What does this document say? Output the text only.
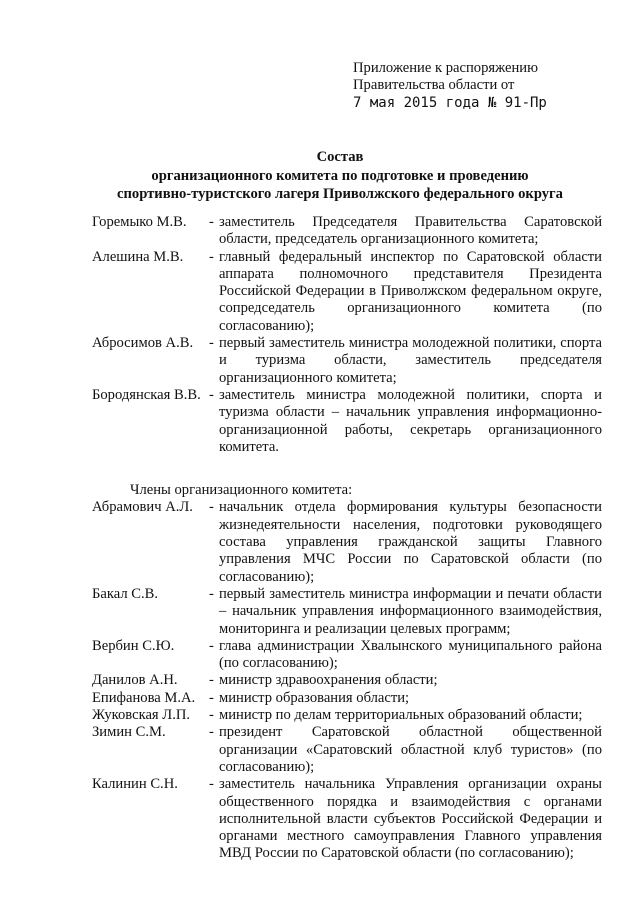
Приложение к распоряжению
Правительства области от
7 мая 2015 года № 91-Пр
Состав
организационного комитета по подготовке и проведению
спортивно-туристского лагеря Приволжского федерального округа
Горемыко М.В.	- заместитель Председателя Правительства Саратовской области, председатель организационного комитета;
Алешина М.В.	- главный федеральный инспектор по Саратовской области аппарата полномочного представителя Президента Российской Федерации в Приволжском федеральном округе, сопредседатель организационного комитета (по согласованию);
Абросимов А.В.	- первый заместитель министра молодежной политики, спорта и туризма области, заместитель председателя организационного комитета;
Бородянская В.В. - заместитель министра молодежной политики, спорта и туризма области – начальник управления информационно-организационной работы, секретарь организационного комитета.
Члены организационного комитета:
Абрамович А.Л.	- начальник отдела формирования культуры безопасности жизнедеятельности населения, подготовки руководящего состава управления гражданской защиты Главного управления МЧС России по Саратовской области (по согласованию);
Бакал С.В.	- первый заместитель министра информации и печати области – начальник управления информационного взаимодействия, мониторинга и реализации целевых программ;
Вербин С.Ю.	- глава администрации Хвалынского муниципального района (по согласованию);
Данилов А.Н.	- министр здравоохранения области;
Епифанова М.А. - министр образования области;
Жуковская Л.П.	- министр по делам территориальных образований области;
Зимин С.М.	- президент Саратовской областной общественной организации «Саратовский областной клуб туристов» (по согласованию);
Калинин С.Н.	- заместитель начальника Управления организации охраны общественного порядка и взаимодействия с органами исполнительной власти субъектов Российской Федерации и органами местного самоуправления Главного управления МВД России по Саратовской области (по согласованию);
